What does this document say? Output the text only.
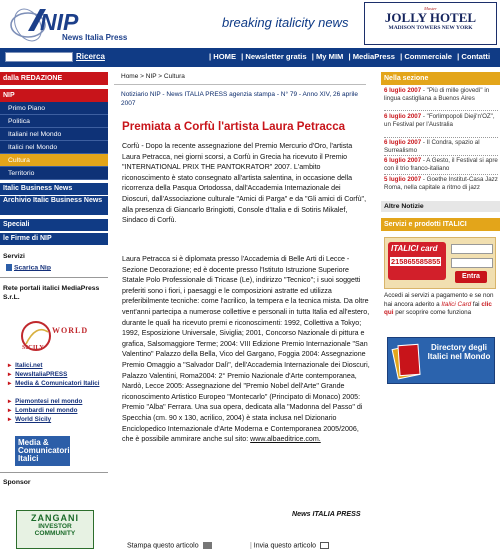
NIP
News Italia Press
breaking italicity news
Master
JOLLY HOTEL
MADISON TOWERS NEW YORK
Ricerca	| HOME | Newsletter gratis | My MIM | MediaPress | Commerciale | Contatti
dalla REDAZIONE
NIP
Primo Piano
Politica
Italiani nel Mondo
Italici nel Mondo
Cultura
Territorio
Italic Business News
Archivio Italic Business News
Speciali
le Firme di NIP
Servizi
Scarica Nip
Rete portali italici MediaPress S.r.L.
WORLD
SICILY
▸ Italici.net
▸ NewsItaliaPRESS
▸ Media & Comunicatori Italici
▸ Piemontesi nel mondo
▸ Lombardi nel mondo
▸ World Sicily
Media & Comunicatori Italici
Sponsor
ZANGANI
INVESTOR
COMMUNITY
Home > NIP > Cultura
Notiziario NIP - News ITALIA PRESS agenzia stampa - N° 79 - Anno XIV, 26 aprile 2007
Premiata a Corfù l'artista Laura Petracca
Corfù - Dopo la recente assegnazione del Premio Mercurio d'Oro, l'artista Laura Petracca, nei giorni scorsi, a Corfù in Grecia ha ricevuto il Premio "INTERNATIONAL PRIX THE PANTOKRATOR" 2007. L'ambito riconoscimento è stato consegnato all'artista salentina, in occasione della ricorrenza della Pasqua Ortodossa, dall'Accademia Internazionale dei Dioscuri, dall'Associazione culturale "Amici di Parga" e da "Gli amici di Corfù", alla presenza di Giancarlo Bringiotti, Console d'Italia e di Sotiris Mikalef, Sindaco di Corfù.
Laura Petracca si è diplomata presso l'Accademia di Belle Arti di Lecce - Sezione Decorazione; ed è docente presso l'Istituto Istruzione Superiore Statale Polo Professionale di Tricase (Le), indirizzo "Tecnico"; i suoi soggetti preferiti sono i fiori, i paesaggi e le composizioni astratte ed utilizza preferibilmente tecniche: come l'acrilico, la tempera e la tecnica mista. Da oltre vent'anni partecipa a numerose collettive e personali in tutta Italia ed all'estero, durante le quali ha ricevuto premi e riconoscimenti: 1992, Collettiva a Tokyo; 1992, Esposizione Universale, Siviglia; 2001, Concorso Nazionale di pittura e grafica, Salsomaggiore Terme; 2004: VIII Edizione Premio Internazionale "San Valentino" Palazzo della Bella, Vico del Gargano, Foggia 2004: Assegnazione Premio Omaggio a "Salvador Dalì", dell'Accademia Internazionale dei Dioscuri, Palazzo Valentini, Roma2004: 2° Premio Nazionale d'Arte contemporanea, Nardò, Lecce 2005: Assegnazione del "Premio Nobel dell'Arte" Grande riconoscimento Artistico Europeo "Montecarlo" (Principato di Monaco) 2005: Premio "Alba" Ferrara. Una sua opera, dedicata alla "Madonna del Passo" di Specchia (cm. 90 x 130, acrilico, 2004) è stata inclusa nel Dizionario Enciclopedico Internazionale d'Arte Moderna e Contemporanea 2005/2006, che è possibile ammirare anche sul sito: www.albaeditrice.com.
News ITALIA PRESS
Stampa questo articolo	| Invia questo articolo
Nella sezione
6 luglio 2007 - "Più di mille giovedì" in lingua castigliana a Buenos Aires
6 luglio 2007 - "Forlimpopoli Dieji'n'OZ", un Festival per l'Australia
6 luglio 2007 - Il Condra, spazio al Surrealismo
6 luglio 2007 - A Gesto, il Festival si apre con il trio franco-italiano
5 luglio 2007 - Goethe Institut-Casa Jazz Roma, nella capitale a ritmo di jazz
Altre Notizie
Servizi e prodotti ITALICI
ITALICI card
215865585855
Entra
Accedi ai servizi a pagamento e se non hai ancora aderito a Italici Card fai clic qui per scoprire come funziona
Directory degli Italici nel Mondo
